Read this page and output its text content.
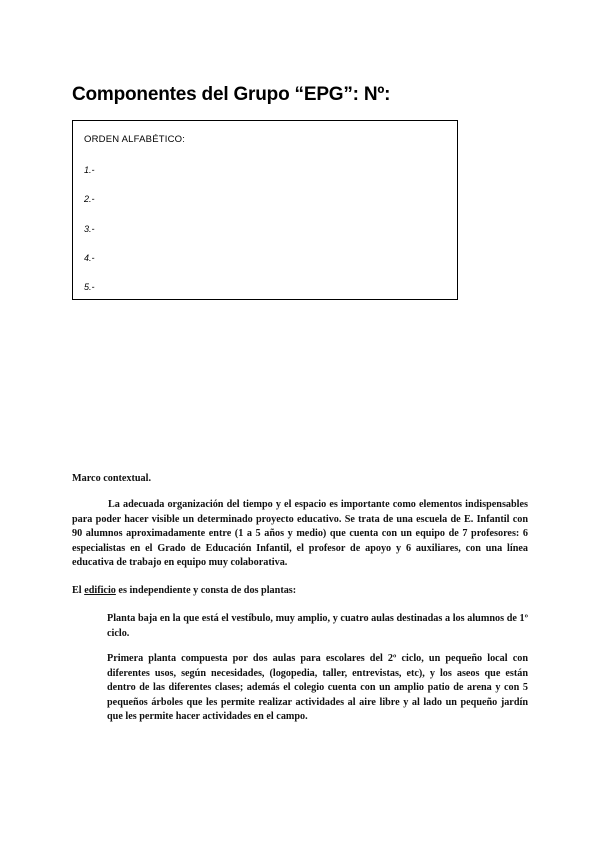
Componentes del Grupo “EPG”: Nº:
ORDEN ALFABÉTICO:
1.-
2.-
3.-
4.-
5.-
Marco contextual.
La adecuada organización del tiempo y el espacio es importante como elementos indispensables para poder hacer visible un determinado proyecto educativo. Se trata de una escuela de E. Infantil con 90 alumnos aproximadamente entre (1 a 5 años y medio) que cuenta con un equipo de 7 profesores: 6 especialistas en el Grado de Educación Infantil, el profesor de apoyo y 6 auxiliares, con una línea educativa de trabajo en equipo muy colaborativa.
El edificio es independiente y consta de dos plantas:
Planta baja en la que está el vestíbulo, muy amplio, y cuatro aulas destinadas a los alumnos de 1º ciclo.
Primera planta compuesta por dos aulas para escolares del 2º ciclo, un pequeño local con diferentes usos, según necesidades, (logopedia, taller, entrevistas, etc), y los aseos que están dentro de las diferentes clases; además el colegio cuenta con un amplio patio de arena y con 5 pequeños árboles que les permite realizar actividades al aire libre y al lado un pequeño jardín que les permite hacer actividades en el campo.
